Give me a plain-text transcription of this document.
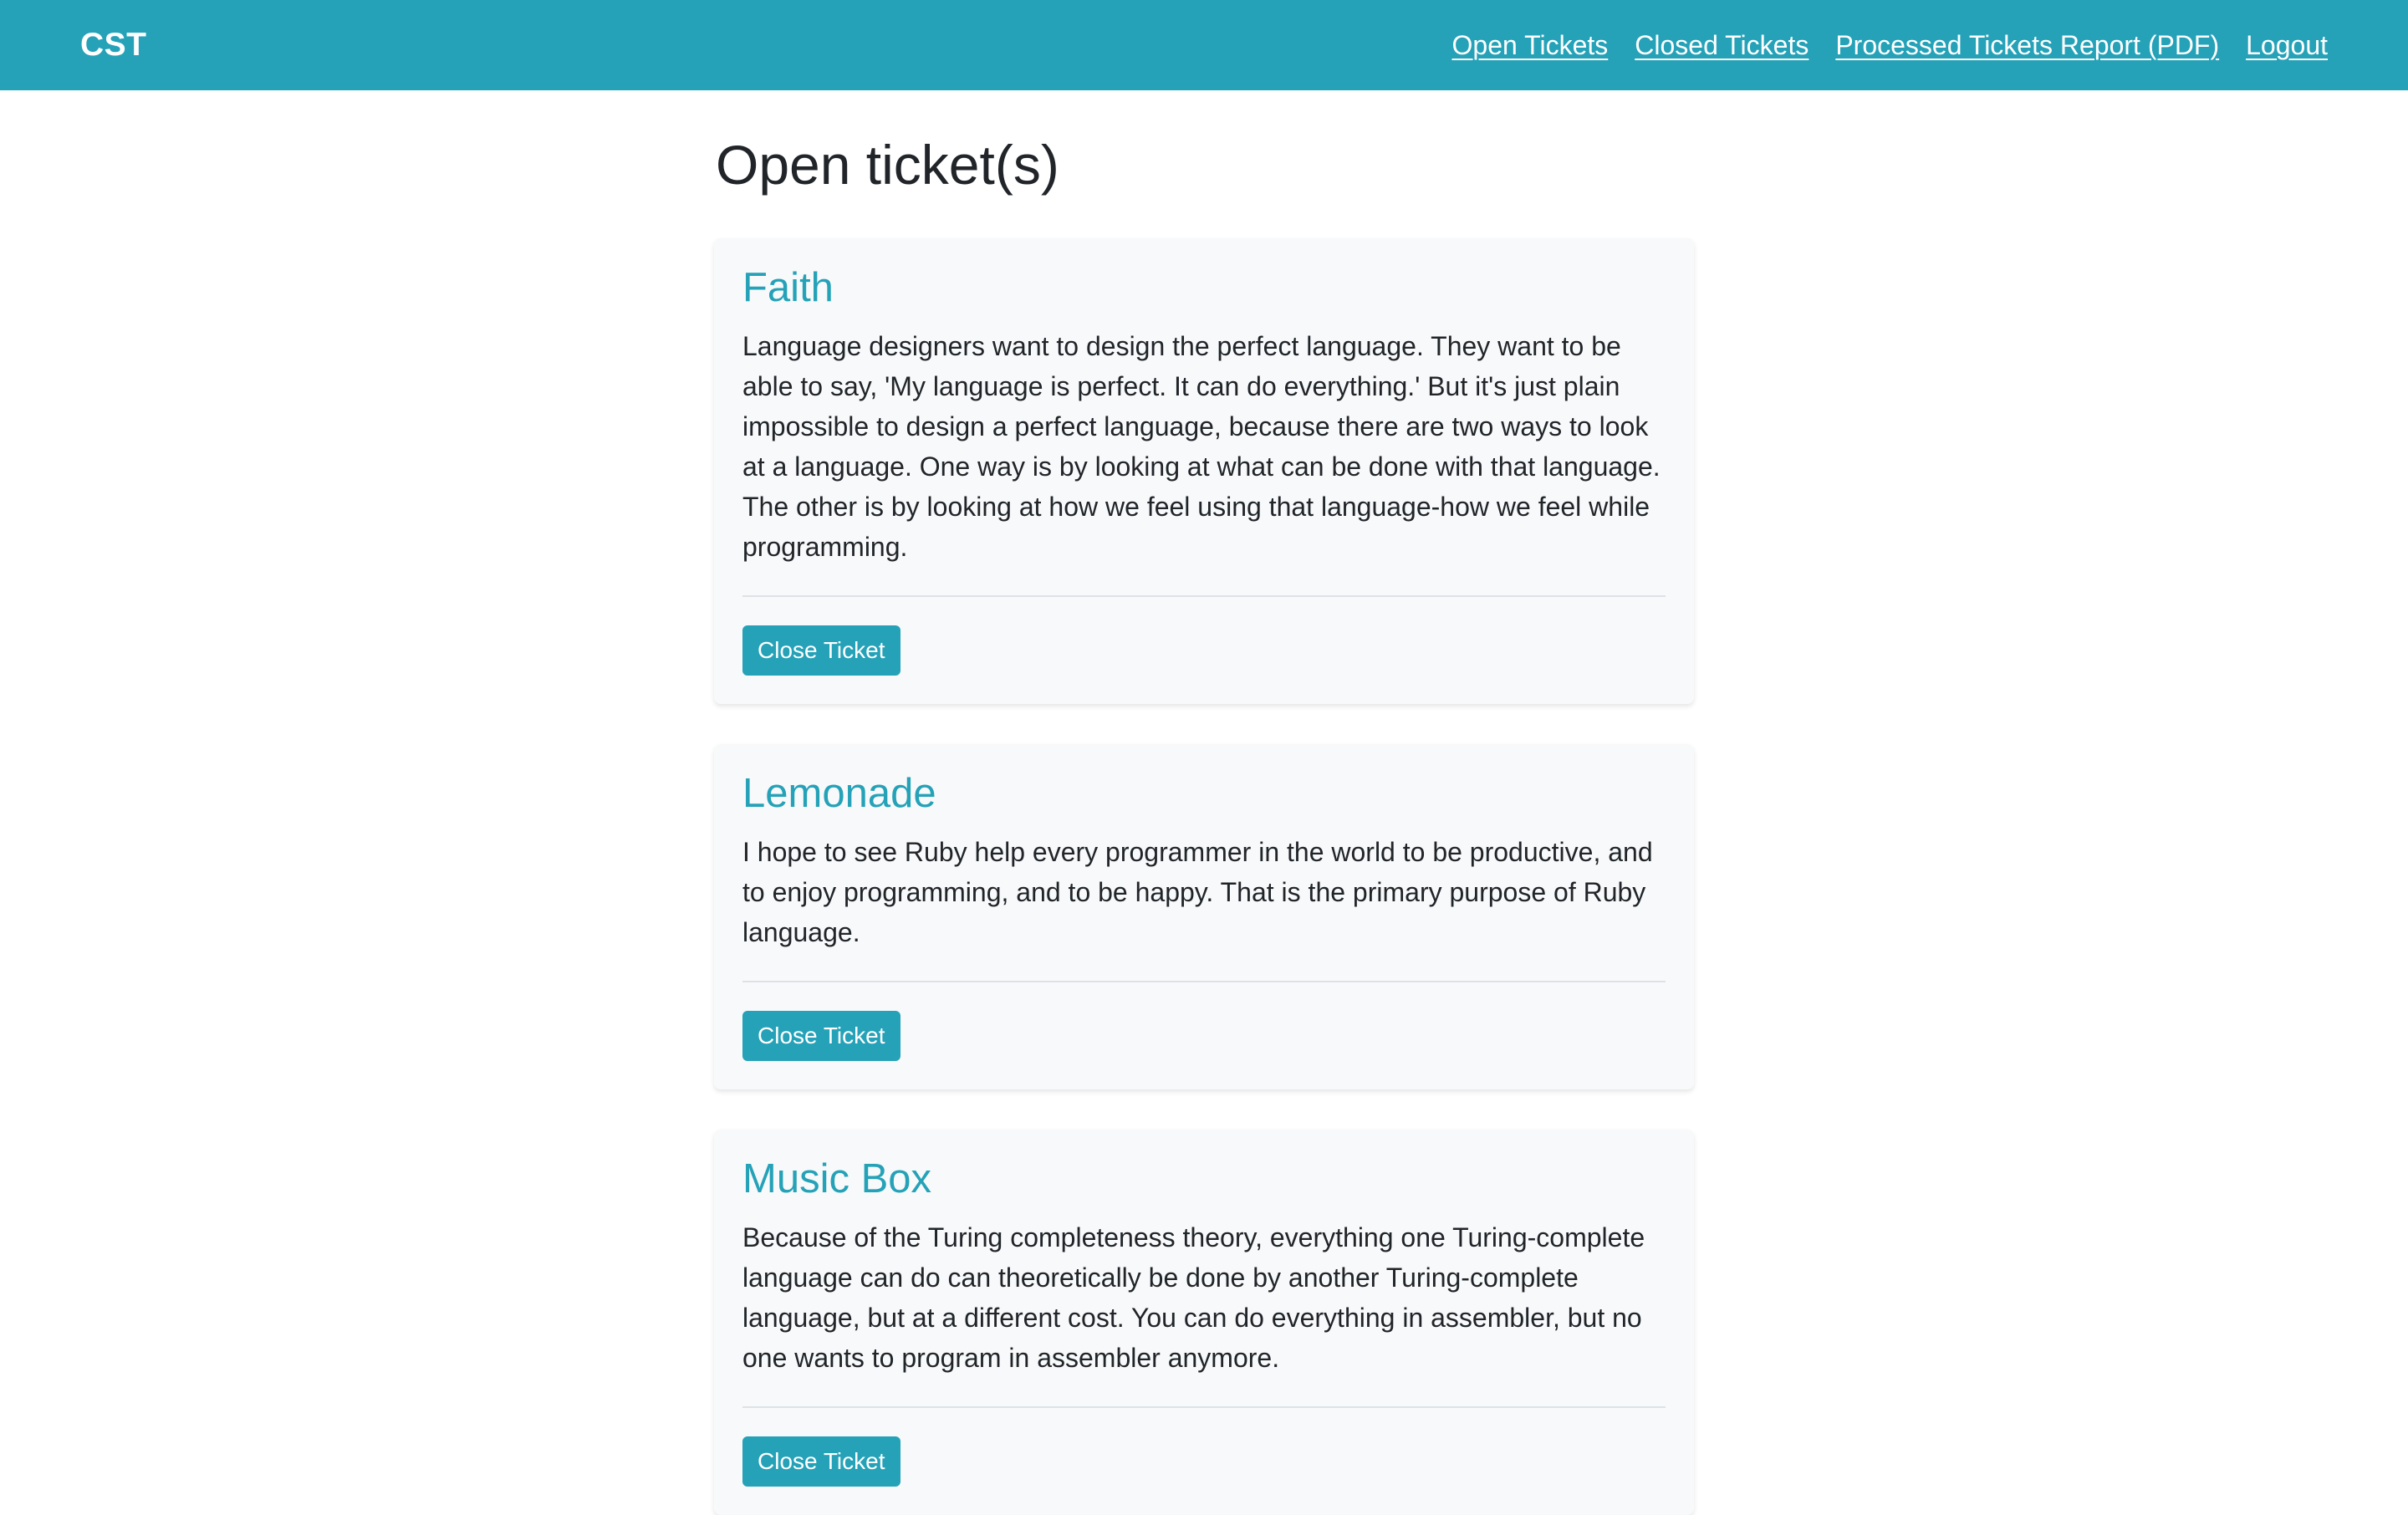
CST	Open Tickets Closed Tickets Processed Tickets Report (PDF) Logout
Open ticket(s)
Faith

Language designers want to design the perfect language. They want to be able to say, 'My language is perfect. It can do everything.' But it's just plain impossible to design a perfect language, because there are two ways to look at a language. One way is by looking at what can be done with that language. The other is by looking at how we feel using that language-how we feel while programming.

Close Ticket
Lemonade

I hope to see Ruby help every programmer in the world to be productive, and to enjoy programming, and to be happy. That is the primary purpose of Ruby language.

Close Ticket
Music Box

Because of the Turing completeness theory, everything one Turing-complete language can do can theoretically be done by another Turing-complete language, but at a different cost. You can do everything in assembler, but no one wants to program in assembler anymore.

Close Ticket
